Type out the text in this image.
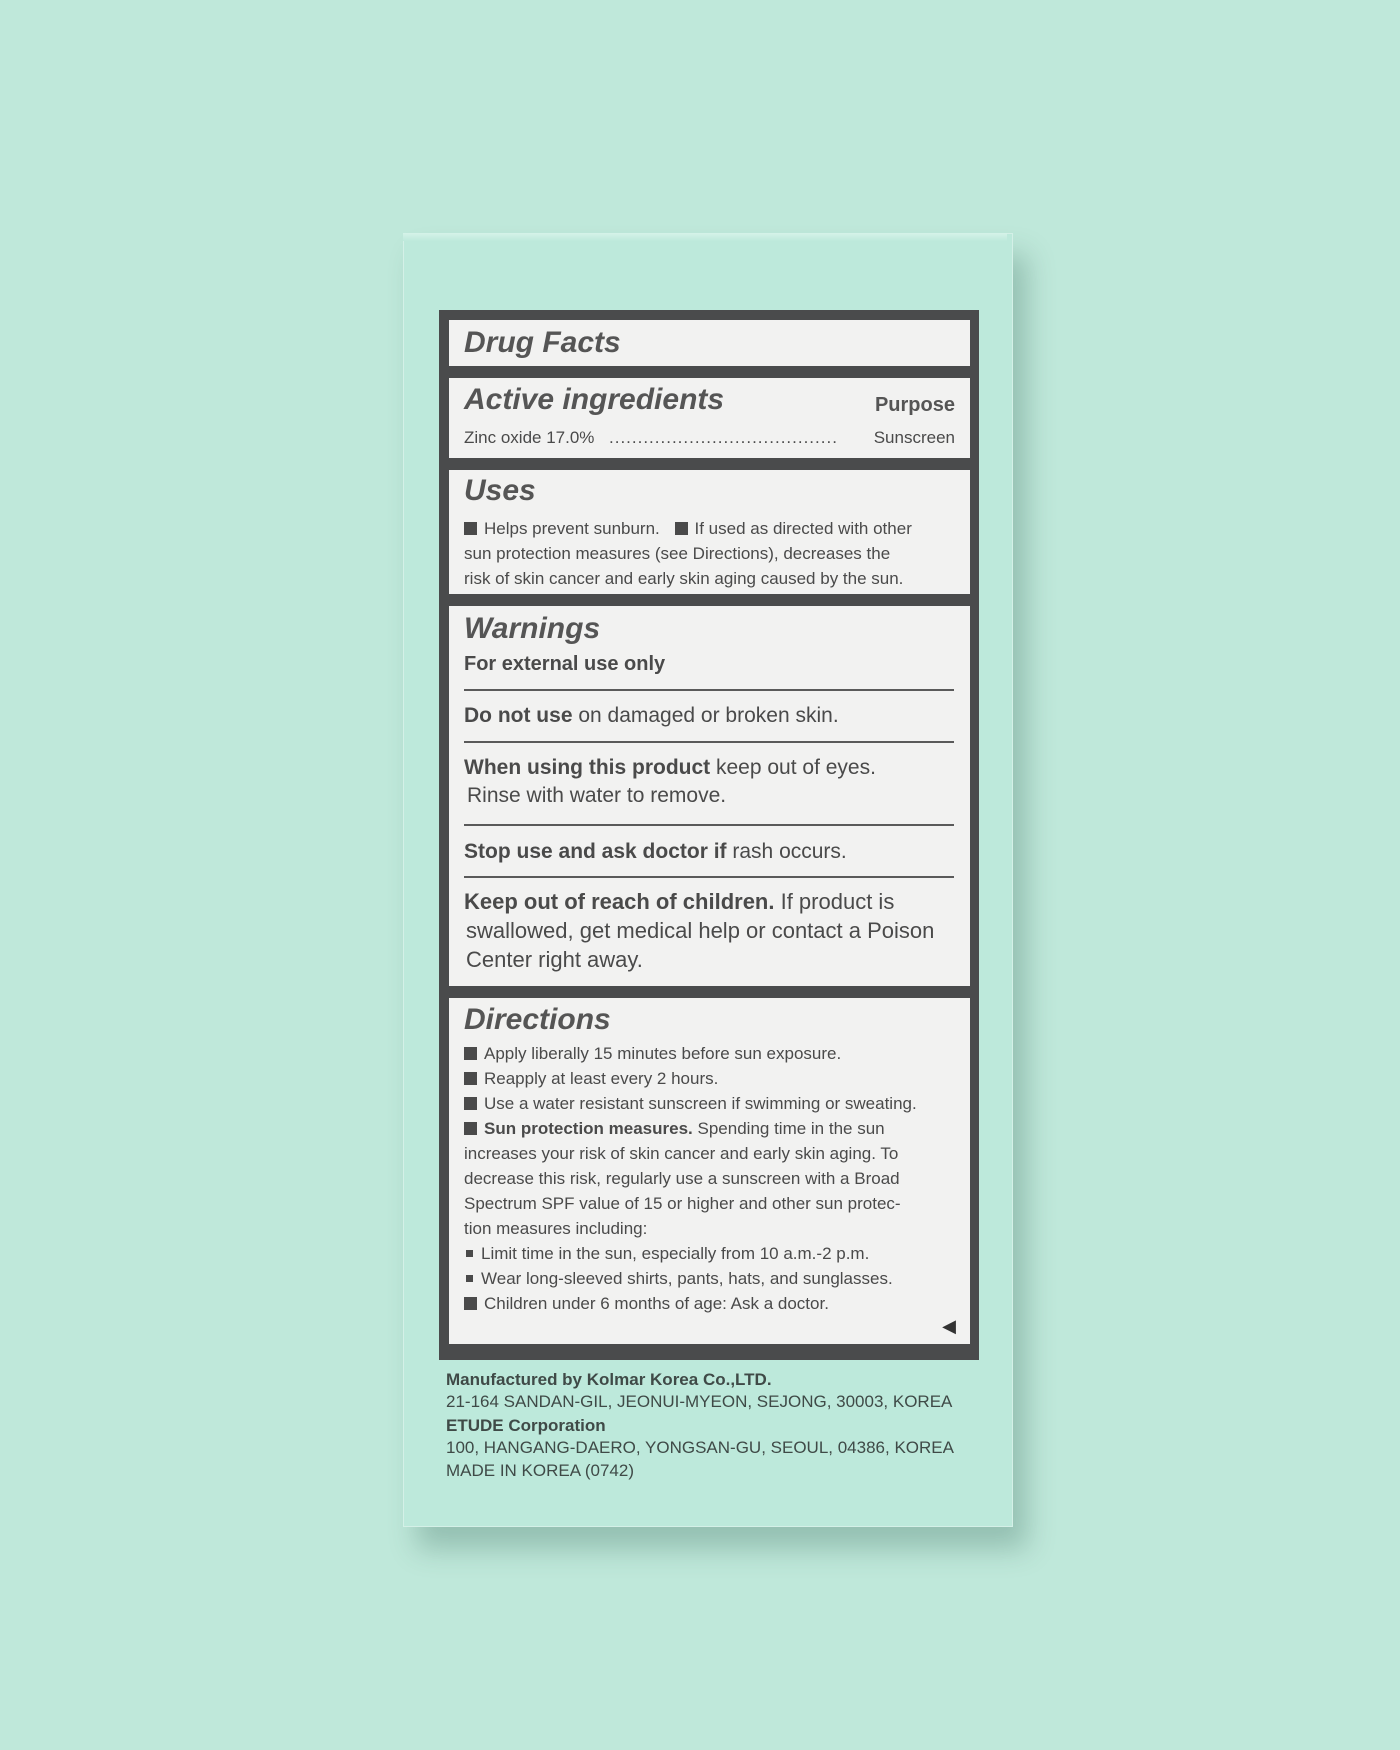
Drug Facts
Active ingredients	Purpose
Zinc oxide 17.0% ........................................ Sunscreen
Uses
Helps prevent sunburn. If used as directed with other
sun protection measures (see Directions), decreases the
risk of skin cancer and early skin aging caused by the sun.
Warnings
For external use only
Do not use on damaged or broken skin.
When using this product keep out of eyes.
Rinse with water to remove.
Stop use and ask doctor if rash occurs.
Keep out of reach of children. If product is
swallowed, get medical help or contact a Poison
Center right away.
Directions
Apply liberally 15 minutes before sun exposure.
Reapply at least every 2 hours.
Use a water resistant sunscreen if swimming or sweating.
Sun protection measures. Spending time in the sun
increases your risk of skin cancer and early skin aging. To
decrease this risk, regularly use a sunscreen with a Broad
Spectrum SPF value of 15 or higher and other sun protec-
tion measures including:
Limit time in the sun, especially from 10 a.m.-2 p.m.
Wear long-sleeved shirts, pants, hats, and sunglasses.
Children under 6 months of age: Ask a doctor.
◀
Manufactured by Kolmar Korea Co.,LTD.
21-164 SANDAN-GIL, JEONUI-MYEON, SEJONG, 30003, KOREA
ETUDE Corporation
100, HANGANG-DAERO, YONGSAN-GU, SEOUL, 04386, KOREA
MADE IN KOREA (0742)
